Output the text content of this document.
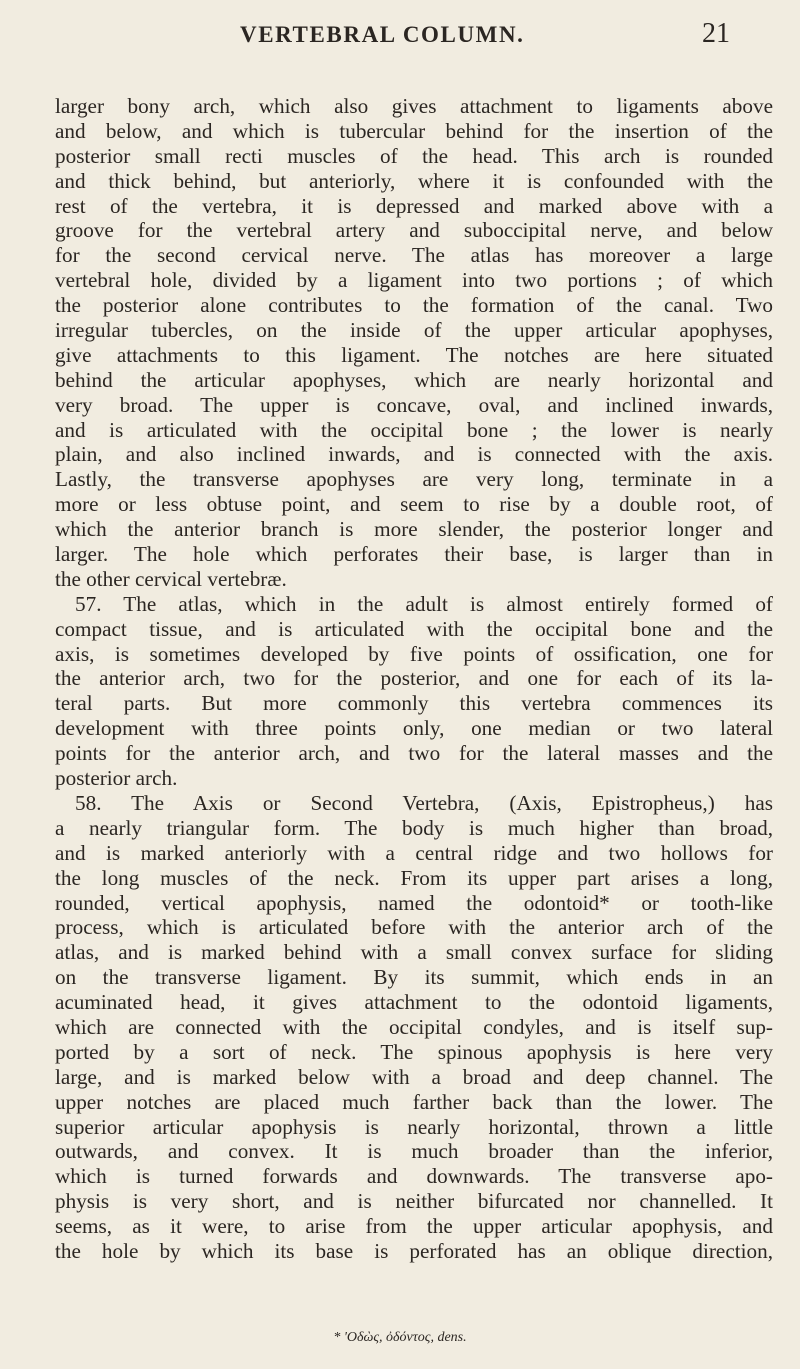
VERTEBRAL COLUMN.	21
larger bony arch, which also gives attachment to ligaments above
and below, and which is tubercular behind for the insertion of the
posterior small recti muscles of the head. This arch is rounded
and thick behind, but anteriorly, where it is confounded with the
rest of the vertebra, it is depressed and marked above with a
groove for the vertebral artery and suboccipital nerve, and below
for the second cervical nerve. The atlas has moreover a large
vertebral hole, divided by a ligament into two portions ; of which
the posterior alone contributes to the formation of the canal. Two
irregular tubercles, on the inside of the upper articular apophyses,
give attachments to this ligament. The notches are here situated
behind the articular apophyses, which are nearly horizontal and
very broad. The upper is concave, oval, and inclined inwards,
and is articulated with the occipital bone ; the lower is nearly
plain, and also inclined inwards, and is connected with the axis.
Lastly, the transverse apophyses are very long, terminate in a
more or less obtuse point, and seem to rise by a double root, of
which the anterior branch is more slender, the posterior longer and
larger. The hole which perforates their base, is larger than in
the other cervical vertebræ.
57. The atlas, which in the adult is almost entirely formed of
compact tissue, and is articulated with the occipital bone and the
axis, is sometimes developed by five points of ossification, one for
the anterior arch, two for the posterior, and one for each of its la-
teral parts. But more commonly this vertebra commences its
development with three points only, one median or two lateral
points for the anterior arch, and two for the lateral masses and the
posterior arch.
58. The Axis or Second Vertebra, (Axis, Epistropheus,) has
a nearly triangular form. The body is much higher than broad,
and is marked anteriorly with a central ridge and two hollows for
the long muscles of the neck. From its upper part arises a long,
rounded, vertical apophysis, named the odontoid* or tooth-like
process, which is articulated before with the anterior arch of the
atlas, and is marked behind with a small convex surface for sliding
on the transverse ligament. By its summit, which ends in an
acuminated head, it gives attachment to the odontoid ligaments,
which are connected with the occipital condyles, and is itself sup-
ported by a sort of neck. The spinous apophysis is here very
large, and is marked below with a broad and deep channel. The
upper notches are placed much farther back than the lower. The
superior articular apophysis is nearly horizontal, thrown a little
outwards, and convex. It is much broader than the inferior,
which is turned forwards and downwards. The transverse apo-
physis is very short, and is neither bifurcated nor channelled. It
seems, as it were, to arise from the upper articular apophysis, and
the hole by which its base is perforated has an oblique direction,
* 'Οδὼς, ὀδόντος, dens.
